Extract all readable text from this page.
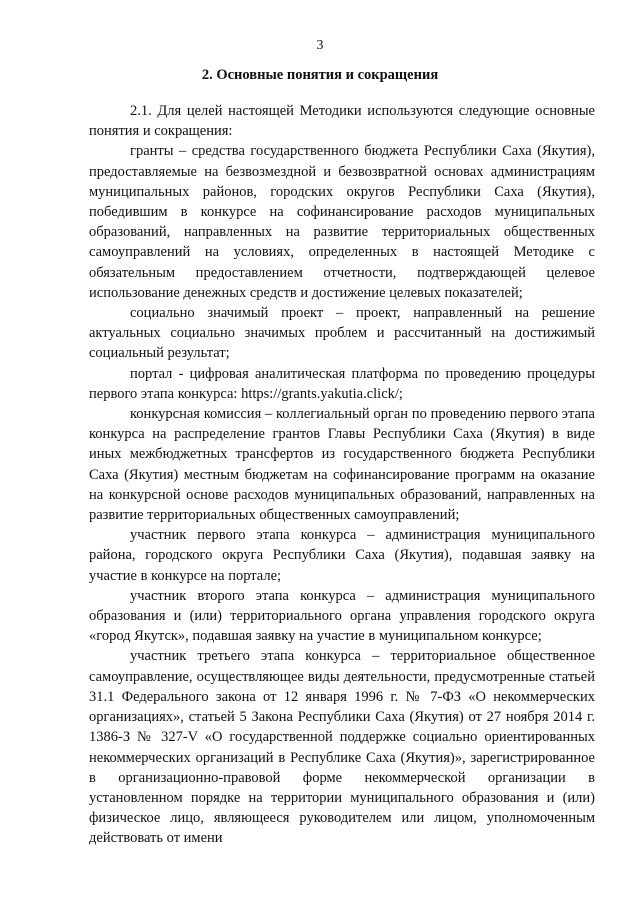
3
2. Основные понятия и сокращения

2.1. Для целей настоящей Методики используются следующие основные понятия и сокращения:

гранты – средства государственного бюджета Республики Саха (Якутия), предоставляемые на безвозмездной и безвозвратной основах администрациям муниципальных районов, городских округов Республики Саха (Якутия), победившим в конкурсе на софинансирование расходов муниципальных образований, направленных на развитие территориальных общественных самоуправлений на условиях, определенных в настоящей Методике с обязательным предоставлением отчетности, подтверждающей целевое использование денежных средств и достижение целевых показателей;

социально значимый проект – проект, направленный на решение актуальных социально значимых проблем и рассчитанный на достижимый социальный результат;

портал - цифровая аналитическая платформа по проведению процедуры первого этапа конкурса: https://grants.yakutia.click/;

конкурсная комиссия – коллегиальный орган по проведению первого этапа конкурса на распределение грантов Главы Республики Саха (Якутия) в виде иных межбюджетных трансфертов из государственного бюджета Республики Саха (Якутия) местным бюджетам на софинансирование программ на оказание на конкурсной основе расходов муниципальных образований, направленных на развитие территориальных общественных самоуправлений;

участник первого этапа конкурса – администрация муниципального района, городского округа Республики Саха (Якутия), подавшая заявку на участие в конкурсе на портале;

участник второго этапа конкурса – администрация муниципального образования и (или) территориального органа управления городского округа «город Якутск», подавшая заявку на участие в муниципальном конкурсе;

участник третьего этапа конкурса – территориальное общественное самоуправление, осуществляющее виды деятельности, предусмотренные статьей 31.1 Федерального закона от 12 января 1996 г. № 7-ФЗ «О некоммерческих организациях», статьей 5 Закона Республики Саха (Якутия) от 27 ноября 2014 г. 1386-З № 327-V «О государственной поддержке социально ориентированных некоммерческих организаций в Республике Саха (Якутия)», зарегистрированное в организационно-правовой форме некоммерческой организации в установленном порядке на территории муниципального образования и (или) физическое лицо, являющееся руководителем или лицом, уполномоченным действовать от имени
